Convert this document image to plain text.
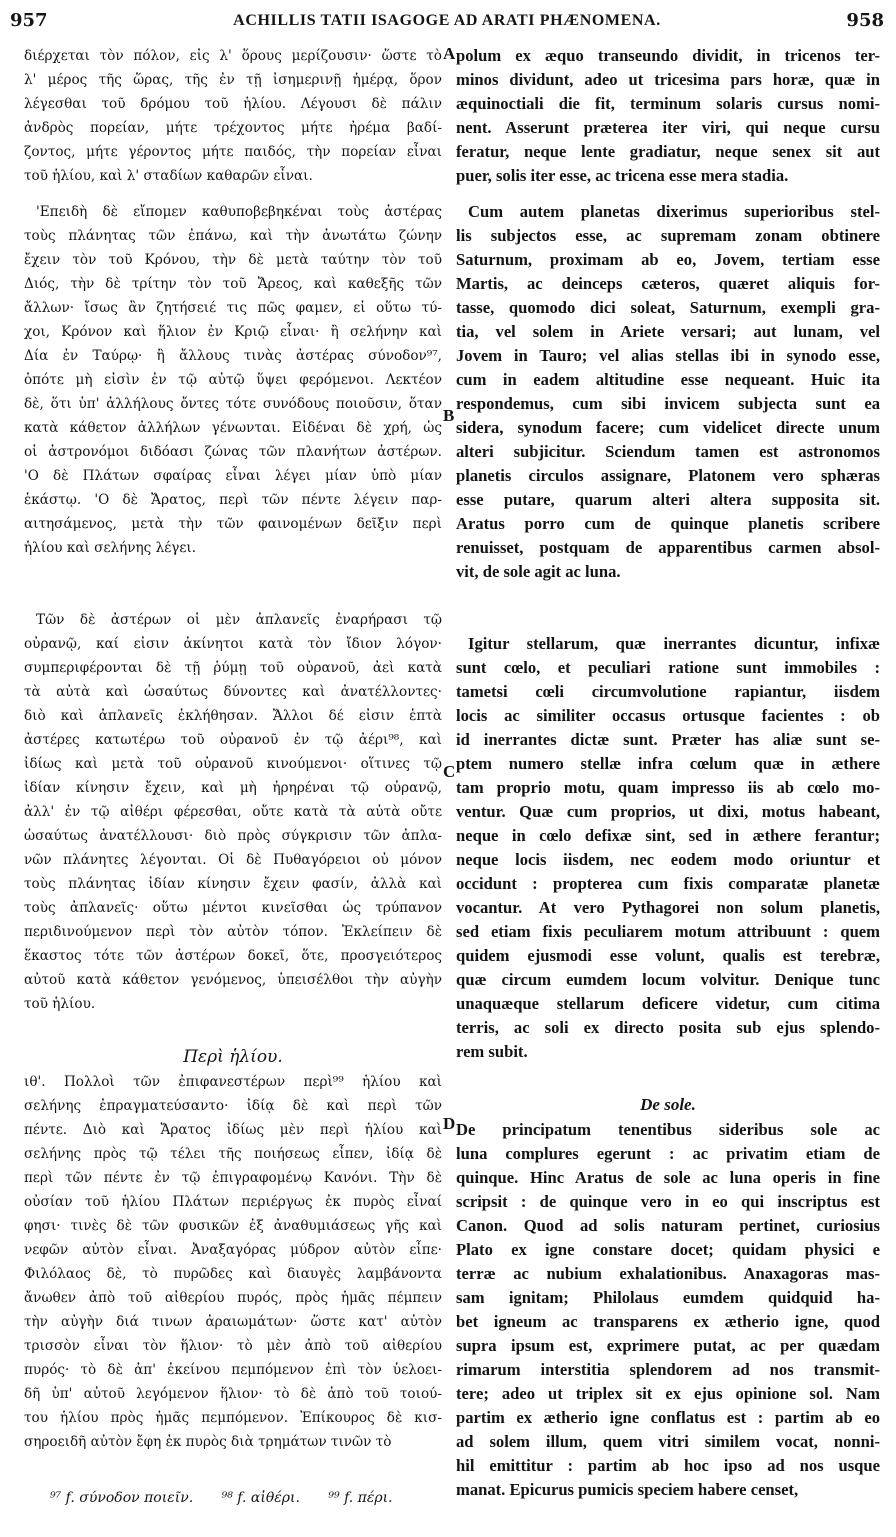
957	ACHILLIS TATII ISAGOGE AD ARATI PHÆNOMENA.	958
διέρχεται τὸν πόλον, εἰς λ' ὅρους μερίζουσιν· ὥστε τὸ
λ' μέρος τῆς ὥρας, τῆς ἐν τῇ ἰσημερινῇ ἡμέρᾳ, ὅρον
λέγεσθαι τοῦ δρόμου τοῦ ἡλίου. Λέγουσι δὲ πάλιν
ἀνδρὸς πορείαν, μήτε τρέχοντος μήτε ἠρέμα βαδί-
ζοντος, μήτε γέροντος μήτε παιδός, τὴν πορείαν εἶναι
τοῦ ἡλίου, καὶ λ' σταδίων καθαρῶν εἶναι.
'Επειδὴ δὲ εἴπομεν καθυποβεβηκέναι τοὺς ἀστέρας
τοὺς πλάνητας τῶν ἐπάνω, καὶ τὴν ἀνωτάτω ζώνην
ἔχειν τὸν τοῦ Κρόνου, τὴν δὲ μετὰ ταύτην τὸν τοῦ
Διός, τὴν δὲ τρίτην τὸν τοῦ Ἄρεος, καὶ καθεξῆς τῶν
ἄλλων· ἴσως ἂν ζητήσειέ τις πῶς φαμεν, εἰ οὕτω τύ-
χοι, Κρόνον καὶ ἥλιον ἐν Κριῷ εἶναι· ἢ σελήνην καὶ
Δία ἐν Ταύρῳ· ἢ ἄλλους τινὰς ἀστέρας σύνοδον⁹⁷,
ὁπότε μὴ εἰσὶν ἐν τῷ αὐτῷ ὕψει φερόμενοι. Λεκτέον
δὲ, ὅτι ὑπ' ἀλλήλους ὄντες τότε συνόδους ποιοῦσιν, ὅταν
κατὰ κάθετον ἀλλήλων γένωνται. Εἰδέναι δὲ χρή, ὡς
οἱ ἀστρονόμοι διδόασι ζώνας τῶν πλανήτων ἀστέρων.
'Ο δὲ Πλάτων σφαίρας εἶναι λέγει μίαν ὑπὸ μίαν
ἑκάστῳ. 'Ο δὲ Ἄρατος, περὶ τῶν πέντε λέγειν παρ-
αιτησάμενος, μετὰ τὴν τῶν φαινομένων δεῖξιν περὶ
ἡλίου καὶ σελήνης λέγει.
Τῶν δὲ ἀστέρων οἱ μὲν ἀπλανεῖς ἐναρήρασι τῷ
οὐρανῷ, καί εἰσιν ἀκίνητοι κατὰ τὸν ἴδιον λόγον·
συμπεριφέρονται δὲ τῇ ῥύμῃ τοῦ οὐρανοῦ, ἀεὶ κατὰ
τὰ αὐτὰ καὶ ὡσαύτως δύνοντες καὶ ἀνατέλλοντες·
διὸ καὶ ἀπλανεῖς ἐκλήθησαν. Ἄλλοι δέ εἰσιν ἑπτὰ
ἀστέρες κατωτέρω τοῦ οὐρανοῦ ἐν τῷ ἀέρι⁹⁸, καὶ
ἰδίως καὶ μετὰ τοῦ οὐρανοῦ κινούμενοι· οἵτινες τῷ
ἰδίαν κίνησιν ἔχειν, καὶ μὴ ἠρηρέναι τῷ οὐρανῷ,
ἀλλ' ἐν τῷ αἰθέρι φέρεσθαι, οὔτε κατὰ τὰ αὐτὰ οὔτε
ὡσαύτως ἀνατέλλουσι· διὸ πρὸς σύγκρισιν τῶν ἀπλα-
νῶν πλάνητες λέγονται. Οἱ δὲ Πυθαγόρειοι οὐ μόνον
τοὺς πλάνητας ἰδίαν κίνησιν ἔχειν φασίν, ἀλλὰ καὶ
τοὺς ἀπλανεῖς· οὕτω μέντοι κινεῖσθαι ὡς τρύπανον
περιδινούμενον περὶ τὸν αὐτὸν τόπον. Ἐκλείπειν δὲ
ἕκαστος τότε τῶν ἀστέρων δοκεῖ, ὅτε, προσγειότερος
αὐτοῦ κατὰ κάθετον γενόμενος, ὑπεισέλθοι τὴν αὐγὴν
τοῦ ἡλίου.
Περὶ ἡλίου.
ιθ'. Πολλοὶ τῶν ἐπιφανεστέρων περὶ⁹⁹ ἡλίου καὶ
σελήνης ἐπραγματεύσαντο· ἰδίᾳ δὲ καὶ περὶ τῶν
πέντε. Διὸ καὶ Ἄρατος ἰδίως μὲν περὶ ἡλίου καὶ
σελήνης πρὸς τῷ τέλει τῆς ποιήσεως εἶπεν, ἰδίᾳ δὲ
περὶ τῶν πέντε ἐν τῷ ἐπιγραφομένῳ Κανόνι. Τὴν δὲ
οὐσίαν τοῦ ἡλίου Πλάτων περιέργως ἐκ πυρὸς εἶναί
φησι· τινὲς δὲ τῶν φυσικῶν ἐξ ἀναθυμιάσεως γῆς καὶ
νεφῶν αὐτὸν εἶναι. Ἀναξαγόρας μύδρον αὐτὸν εἶπε·
Φιλόλαος δὲ, τὸ πυρῶδες καὶ διαυγὲς λαμβάνοντα
ἄνωθεν ἀπὸ τοῦ αἰθερίου πυρός, πρὸς ἡμᾶς πέμπειν
τὴν αὐγὴν διά τινων ἀραιωμάτων· ὥστε κατ' αὐτὸν
τρισσὸν εἶναι τὸν ἥλιον· τὸ μὲν ἀπὸ τοῦ αἰθερίου
πυρός· τὸ δὲ ἀπ' ἐκείνου πεμπόμενον ἐπὶ τὸν ὑελοει-
δῆ ὑπ' αὐτοῦ λεγόμενον ἥλιον· τὸ δὲ ἀπὸ τοῦ τοιού-
του ἡλίου πρὸς ἡμᾶς πεμπόμενον. Ἐπίκουρος δὲ κισ-
σηροειδῆ αὐτὸν ἔφη ἐκ πυρὸς διὰ τρημάτων τινῶν τὸ
polum ex æquo transeundo dividit, in tricenos ter-
minos dividunt, adeo ut tricesima pars horæ, quæ in
æquinoctiali die fit, terminum solaris cursus nomi-
nent. Asserunt præterea iter viri, qui neque cursu
feratur, neque lente gradiatur, neque senex sit aut
puer, solis iter esse, ac tricena esse mera stadia.
Cum autem planetas dixerimus superioribus stel-
lis subjectos esse, ac supremam zonam obtinere
Saturnum, proximam ab eo, Jovem, tertiam esse
Martis, ac deinceps cæteros, quæret aliquis for-
tasse, quomodo dici soleat, Saturnum, exempli gra-
tia, vel solem in Ariete versari; aut lunam, vel
Jovem in Tauro; vel alias stellas ibi in synodo esse,
cum in eadem altitudine esse nequeant. Huic ita
respondemus, cum sibi invicem subjecta sunt ea
sidera, synodum facere; cum videlicet directe unum
alteri subjicitur. Sciendum tamen est astronomos
planetis circulos assignare, Platonem vero sphæras
esse putare, quarum alteri altera supposita sit.
Aratus porro cum de quinque planetis scribere
renuisset, postquam de apparentibus carmen absol-
vit, de sole agit ac luna.
Igitur stellarum, quæ inerrantes dicuntur, infixæ
sunt cœlo, et peculiari ratione sunt immobiles :
tametsi cœli circumvolutione rapiantur, iisdem
locis ac similiter occasus ortusque facientes : ob
id inerrantes dictæ sunt. Præter has aliæ sunt se-
ptem numero stellæ infra cœlum quæ in æthere
tam proprio motu, quam impresso iis ab cœlo mo-
ventur. Quæ cum proprios, ut dixi, motus habeant,
neque in cœlo defixæ sint, sed in æthere ferantur;
neque locis iisdem, nec eodem modo oriuntur et
occidunt : propterea cum fixis comparatæ planetæ
vocantur. At vero Pythagorei non solum planetis,
sed etiam fixis peculiarem motum attribuunt : quem
quidem ejusmodi esse volunt, qualis est terebræ,
quæ circum eumdem locum volvitur. Denique tunc
unaquæque stellarum deficere videtur, cum citima
terris, ac soli ex directo posita sub ejus splendo-
rem subit.
De sole.
De principatum tenentibus sideribus sole ac
luna complures egerunt : ac privatim etiam de
quinque. Hinc Aratus de sole ac luna operis in fine
scripsit : de quinque vero in eo qui inscriptus est
Canon. Quod ad solis naturam pertinet, curiosius
Plato ex igne constare docet; quidam physici e
terræ ac nubium exhalationibus. Anaxagoras mas-
sam ignitam; Philolaus eumdem quidquid ha-
bet igneum ac transparens ex ætherio igne, quod
supra ipsum est, exprimere putat, ac per quædam
rimarum interstitia splendorem ad nos transmit-
tere; adeo ut triplex sit ex ejus opinione sol. Nam
partim ex ætherio igne conflatus est : partim ab eo
ad solem illum, quem vitri similem vocat, nonni-
hil emittitur : partim ab hoc ipso ad nos usque
manat. Epicurus pumicis speciem habere censet,
A
B
C
D
⁹⁷ f. σύνοδον ποιεῖν. ⁹⁸ f. αἰθέρι. ⁹⁹ f. πέρι.
